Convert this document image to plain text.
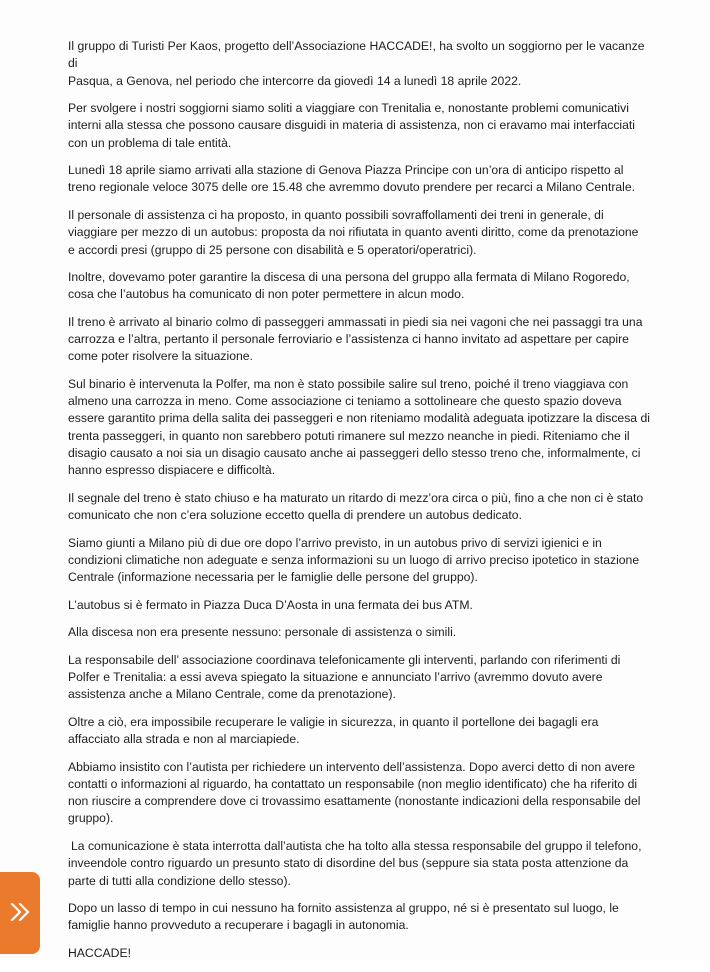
Il gruppo di Turisti Per Kaos, progetto dell’Associazione HACCADE!, ha svolto un soggiorno per le vacanze di
Pasqua, a Genova, nel periodo che intercorre da giovedì 14 a lunedì 18 aprile 2022.

Per svolgere i nostri soggiorni siamo soliti a viaggiare con Trenitalia e, nonostante problemi comunicativi
interni alla stessa che possono causare disguidi in materia di assistenza, non ci eravamo mai interfacciati
con un problema di tale entità.

Lunedì 18 aprile siamo arrivati alla stazione di Genova Piazza Principe con un’ora di anticipo rispetto al
treno regionale veloce 3075 delle ore 15.48 che avremmo dovuto prendere per recarci a Milano Centrale.

Il personale di assistenza ci ha proposto, in quanto possibili sovraffollamenti dei treni in generale, di
viaggiare per mezzo di un autobus: proposta da noi rifiutata in quanto aventi diritto, come da prenotazione
e accordi presi (gruppo di 25 persone con disabilità e 5 operatori/operatrici).

Inoltre, dovevamo poter garantire la discesa di una persona del gruppo alla fermata di Milano Rogoredo,
cosa che l’autobus ha comunicato di non poter permettere in alcun modo.

Il treno è arrivato al binario colmo di passeggeri ammassati in piedi sia nei vagoni che nei passaggi tra una
carrozza e l’altra, pertanto il personale ferroviario e l’assistenza ci hanno invitato ad aspettare per capire
come poter risolvere la situazione.

Sul binario è intervenuta la Polfer, ma non è stato possibile salire sul treno, poiché il treno viaggiava con
almeno una carrozza in meno. Come associazione ci teniamo a sottolineare che questo spazio doveva
essere garantito prima della salita dei passeggeri e non riteniamo modalità adeguata ipotizzare la discesa di
trenta passeggeri, in quanto non sarebbero potuti rimanere sul mezzo neanche in piedi. Riteniamo che il
disagio causato a noi sia un disagio causato anche ai passeggeri dello stesso treno che, informalmente, ci
hanno espresso dispiacere e difficoltà.

Il segnale del treno è stato chiuso e ha maturato un ritardo di mezz’ora circa o più, fino a che non ci è stato
comunicato che non c’era soluzione eccetto quella di prendere un autobus dedicato.

Siamo giunti a Milano più di due ore dopo l’arrivo previsto, in un autobus privo di servizi igienici e in
condizioni climatiche non adeguate e senza informazioni su un luogo di arrivo preciso ipotetico in stazione
Centrale (informazione necessaria per le famiglie delle persone del gruppo).

L’autobus si è fermato in Piazza Duca D’Aosta in una fermata dei bus ATM.

Alla discesa non era presente nessuno: personale di assistenza o simili.

La responsabile dell’ associazione coordinava telefonicamente gli interventi, parlando con riferimenti di
Polfer e Trenitalia: a essi aveva spiegato la situazione e annunciato l’arrivo (avremmo dovuto avere
assistenza anche a Milano Centrale, come da prenotazione).

Oltre a ciò, era impossibile recuperare le valigie in sicurezza, in quanto il portellone dei bagagli era
affacciato alla strada e non al marciapiede.

Abbiamo insistito con l’autista per richiedere un intervento dell’assistenza. Dopo averci detto di non avere
contatti o informazioni al riguardo, ha contattato un responsabile (non meglio identificato) che ha riferito di
non riuscire a comprendere dove ci trovassimo esattamente (nonostante indicazioni della responsabile del
gruppo).

La comunicazione è stata interrotta dall’autista che ha tolto alla stessa responsabile del gruppo il telefono,
inveendole contro riguardo un presunto stato di disordine del bus (seppure sia stata posta attenzione da
parte di tutti alla condizione dello stesso).

Dopo un lasso di tempo in cui nessuno ha fornito assistenza al gruppo, né si è presentato sul luogo, le
famiglie hanno provveduto a recuperare i bagagli in autonomia.

HACCADE!
